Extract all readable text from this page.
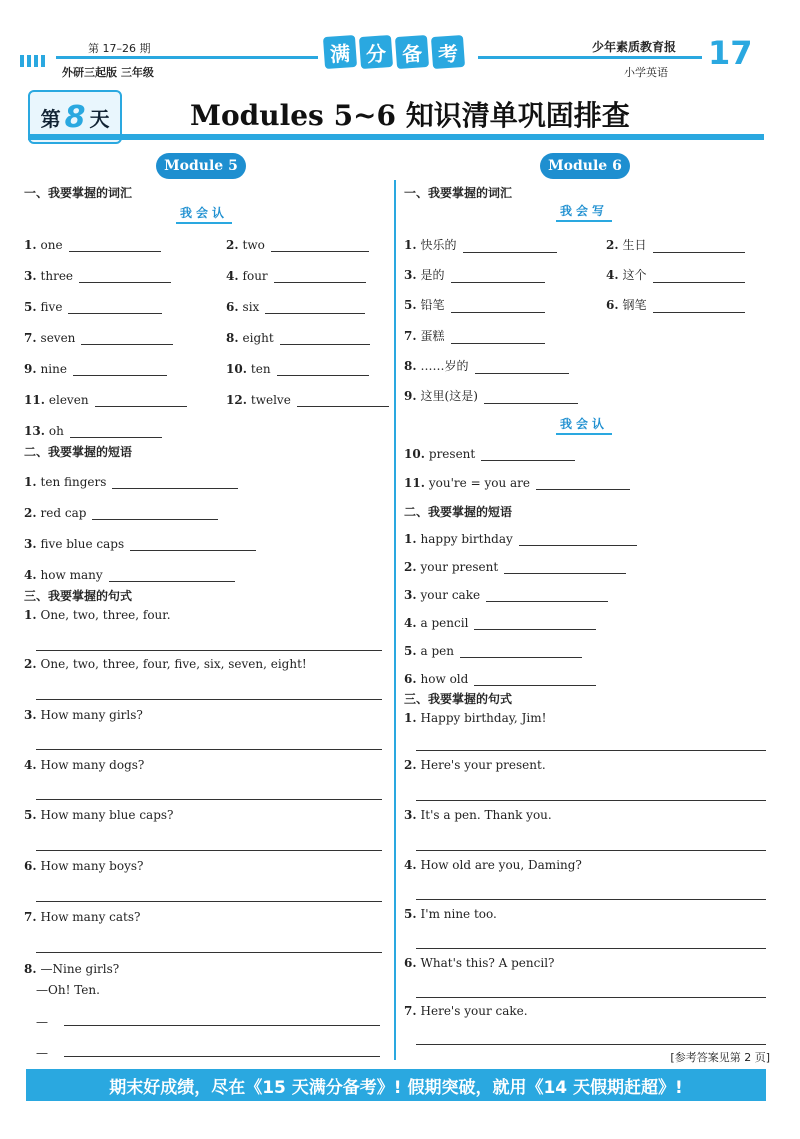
第 17–26 期
外研三起版 三年级
满 分 备 考	少年素质教育报
小学英语
17
第 8 天	Modules 5~6 知识清单巩固排查
Module 5
一、我要掌握的词汇
我会认
1. one	2. two
3. three	4. four
5. five	6. six
7. seven	8. eight
9. nine	10. ten
11. eleven	12. twelve
13. oh
二、我要掌握的短语
1. ten fingers
2. red cap
3. five blue caps
4. how many
三、我要掌握的句式
1. One, two, three, four.
2. One, two, three, four, five, six, seven, eight!
3. How many girls?
4. How many dogs?
5. How many blue caps?
6. How many boys?
7. How many cats?
8. —Nine girls?
—Oh! Ten.
—
—
Module 6
一、我要掌握的词汇
我会写
1. 快乐的	2. 生日
3. 是的	4. 这个
5. 铅笔	6. 钢笔
7. 蛋糕
8. ……岁的
9. 这里(这是)
我会认
10. present
11. you're = you are
二、我要掌握的短语
1. happy birthday
2. your present
3. your cake
4. a pencil
5. a pen
6. how old
三、我要掌握的句式
1. Happy birthday, Jim!
2. Here's your present.
3. It's a pen. Thank you.
4. How old are you, Daming?
5. I'm nine too.
6. What's this? A pencil?
7. Here's your cake.
[参考答案见第 2 页]
期末好成绩，尽在《15 天满分备考》! 假期突破，就用《14 天假期赶超》!
